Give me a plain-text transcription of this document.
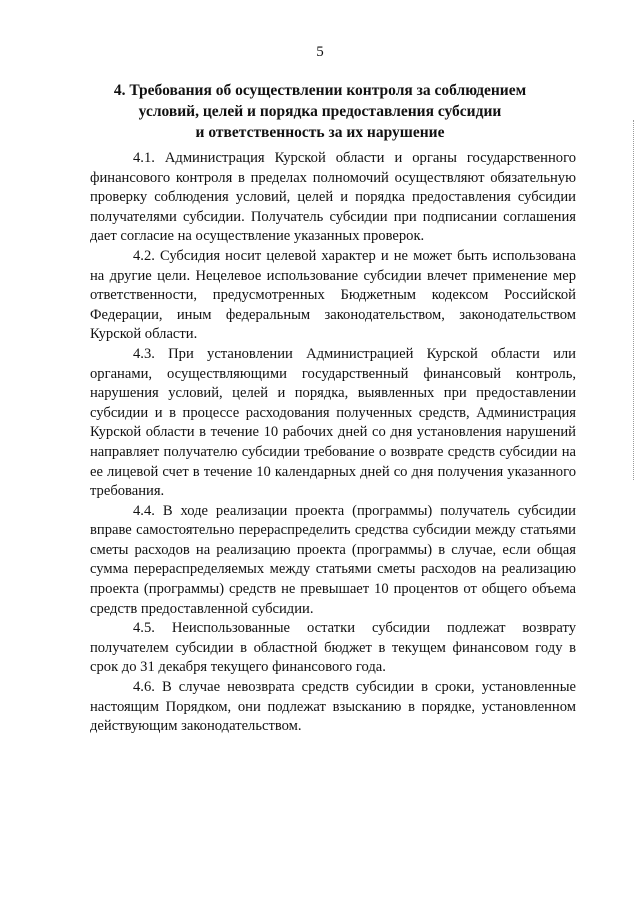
5
4. Требования об осуществлении контроля за соблюдением
условий, целей и порядка предоставления субсидии
и ответственность за их нарушение

4.1. Администрация Курской области и органы государственного финансового контроля в пределах полномочий осуществляют обязательную проверку соблюдения условий, целей и порядка предоставления субсидии получателями субсидии. Получатель субсидии при подписании соглашения дает согласие на осуществление указанных проверок.

4.2. Субсидия носит целевой характер и не может быть использована на другие цели. Нецелевое использование субсидии влечет применение мер ответственности, предусмотренных Бюджетным кодексом Российской Федерации, иным федеральным законодательством, законодательством Курской области.

4.3. При установлении Администрацией Курской области или органами, осуществляющими государственный финансовый контроль, нарушения условий, целей и порядка, выявленных при предоставлении субсидии и в процессе расходования полученных средств, Администрация Курской области в течение 10 рабочих дней со дня установления нарушений направляет получателю субсидии требование о возврате средств субсидии на ее лицевой счет в течение 10 календарных дней со дня получения указанного требования.

4.4. В ходе реализации проекта (программы) получатель субсидии вправе самостоятельно перераспределить средства субсидии между статьями сметы расходов на реализацию проекта (программы) в случае, если общая сумма перераспределяемых между статьями сметы расходов на реализацию проекта (программы) средств не превышает 10 процентов от общего объема средств предоставленной субсидии.

4.5. Неиспользованные остатки субсидии подлежат возврату получателем субсидии в областной бюджет в текущем финансовом году в срок до 31 декабря текущего финансового года.

4.6. В случае невозврата средств субсидии в сроки, установленные настоящим Порядком, они подлежат взысканию в порядке, установленном действующим законодательством.
